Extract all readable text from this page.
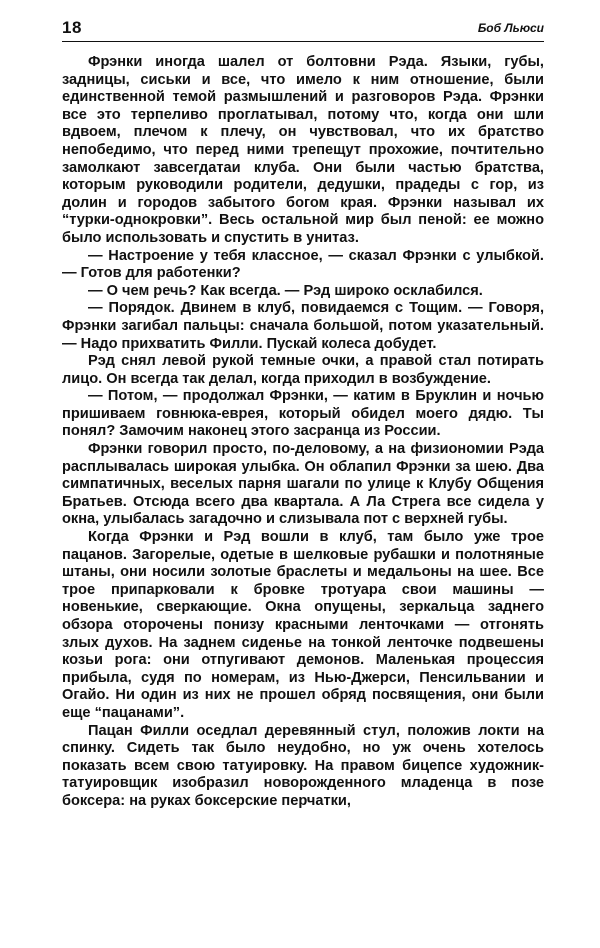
18	Боб Льюси

Фрэнки иногда шалел от болтовни Рэда. Языки, губы, задницы, сиськи и все, что имело к ним отношение, были единственной темой размышлений и разговоров Рэда. Фрэнки все это терпеливо проглатывал, потому что, когда они шли вдвоем, плечом к плечу, он чувствовал, что их братство непобедимо, что перед ними трепещут прохожие, почтительно замолкают завсегдатаи клуба. Они были частью братства, которым руководили родители, дедушки, прадеды с гор, из долин и городов забытого богом края. Фрэнки называл их “турки-однокровки”. Весь остальной мир был пеной: ее можно было использовать и спустить в унитаз.

— Настроение у тебя классное, — сказал Фрэнки с улыбкой. — Готов для работенки?

— О чем речь? Как всегда. — Рэд широко осклабился.

— Порядок. Двинем в клуб, повидаемся с Тощим. — Говоря, Фрэнки загибал пальцы: сначала большой, потом указательный. — Надо прихватить Филли. Пускай колеса добудет.

Рэд снял левой рукой темные очки, а правой стал потирать лицо. Он всегда так делал, когда приходил в возбуждение.

— Потом, — продолжал Фрэнки, — катим в Бруклин и ночью пришиваем говнюка-еврея, который обидел моего дядю. Ты понял? Замочим наконец этого засранца из России.

Фрэнки говорил просто, по-деловому, а на физиономии Рэда расплывалась широкая улыбка. Он облапил Фрэнки за шею. Два симпатичных, веселых парня шагали по улице к Клубу Общения Братьев. Отсюда всего два квартала. А Ла Стрега все сидела у окна, улыбалась загадочно и слизывала пот с верхней губы.

Когда Фрэнки и Рэд вошли в клуб, там было уже трое пацанов. Загорелые, одетые в шелковые рубашки и полотняные штаны, они носили золотые браслеты и медальоны на шее. Все трое припарковали к бровке тротуара свои машины — новенькие, сверкающие. Окна опущены, зеркальца заднего обзора оторочены понизу красными ленточками — отгонять злых духов. На заднем сиденье на тонкой ленточке подвешены козьи рога: они отпугивают демонов. Маленькая процессия прибыла, судя по номерам, из Нью-Джерси, Пенсильвании и Огайо. Ни один из них не прошел обряд посвящения, они были еще “пацанами”.

Пацан Филли оседлал деревянный стул, положив локти на спинку. Сидеть так было неудобно, но уж очень хотелось показать всем свою татуировку. На правом бицепсе художник-татуировщик изобразил новорожденного младенца в позе боксера: на руках боксерские перчатки,
